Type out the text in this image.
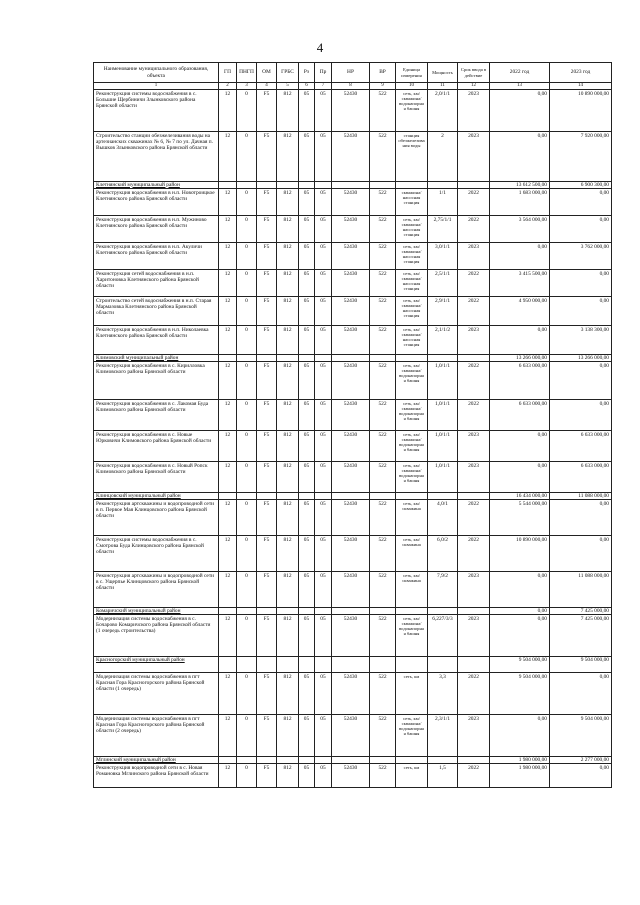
4
Наименование муниципального образования, объекта	ГП	ПНГП	ОМ	ГРБС	Рз	Пр	НР	ВР	Единица измерения	Мощность	Срок ввода в действие	2022 год	2023 год
1	2	3	4	5	6	7	8	9	10	11	12	13	14
Реконструкция системы водоснабжения в с. Большие Щербиничи Злынковского района Брянской области	12	0	F5	812	05	05	52430	522	сеть, км/скважина/водонапорная башня	2,0/1/1	2023	0,00	10 890 000,00
Строительство станции обезжелезивания воды на артезианских скважинах № 6, № 7 по ул. Дачная п. Вышков Злынковского района Брянской области	12	0	F5	812	05	05	52430	522	станция обезжелезивания воды	2	2023	0,00	7 920 000,00
Клетнянский муниципальный район												13 612 500,00	6 900 300,00
Реконструкция водоснабжения в н.п. Новотроицкое Клетнянского района Брянской области	12	0	F5	812	05	05	52430	522	скважина/насосная станция	1/1	2022	1 683 000,00	0,00
Реконструкция водоснабжения в н.п. Мужиново Клетнянского района Брянской области	12	0	F5	812	05	05	52430	522	сеть, км/скважина/насосная станция	2,75/1/1	2022	3 564 000,00	0,00
Реконструкция водоснабжения в н.п. Акуличи Клетнянского района Брянской области	12	0	F5	812	05	05	52430	522	сеть, км/скважина/насосная станция	3,0/1/1	2023	0,00	3 762 000,00
Реконструкция сетей водоснабжения в н.п. Харитоновка Клетнянского района Брянской области	12	0	F5	812	05	05	52430	522	сеть, км/скважина/насосная станция	2,5/1/1	2022	3 415 500,00	0,00
Строительство сетей водоснабжения в н.п. Старая Мармазовка Клетнянского района Брянской области	12	0	F5	812	05	05	52430	522	сеть, км/скважина/насосная станция	2,9/1/1	2022	4 950 000,00	0,00
Реконструкция водоснабжения в н.п. Николаевка Клетнянского района Брянской области	12	0	F5	812	05	05	52430	522	сеть, км/скважина/насосная станция	2,1/1/2	2023	0,00	3 138 300,00
Климовский муниципальный район												13 266 000,00	13 266 000,00
Реконструкция водоснабжения в с. Кирилловка Климовского района Брянской области	12	0	F5	812	05	05	52430	522	сеть, км/скважина/водонапорная башня	1,0/1/1	2022	6 633 000,00	0,00
Реконструкция водоснабжения в с. Лакомая Буда Климовского района Брянской области	12	0	F5	812	05	05	52430	522	сеть, км/скважина/водонапорная башня	1,0/1/1	2022	6 633 000,00	0,00
Реконструкция водоснабжения в с. Новые Юрковичи Климовского района Брянской области	12	0	F5	812	05	05	52430	522	сеть, км/скважина/водонапорная башня	1,0/1/1	2023	0,00	6 633 000,00
Реконструкция водоснабжения в с. Новый Ропск Климовского района Брянской области	12	0	F5	812	05	05	52430	522	сеть, км/скважина/водонапорная башня	1,0/1/1	2023	0,00	6 633 000,00
Клинцовский муниципальный район												16 434 000,00	11 088 000,00
Реконструкция артскважины и водопроводной сети в п. Первое Мая Клинцовского района Брянской области	12	0	F5	812	05	05	52430	522	сеть, км/скважина	4,0/1	2022	5 544 000,00	0,00
Реконструкция системы водоснабжения в с. Смотрова Буда Клинцовского района Брянской области	12	0	F5	812	05	05	52430	522	сеть, км/скважина	6,0/2	2022	10 890 000,00	0,00
Реконструкция артскважины и водопроводной сети в с. Ущерпье Клинцовского района Брянской области	12	0	F5	812	05	05	52430	522	сеть, км/скважина	7,9/2	2023	0,00	11 088 000,00
Комаричский муниципальный район												0,00	7 425 000,00
Модернизация системы водоснабжения в с. Бочарово Комаричского района Брянской области (1 очередь строительства)	12	0	F5	812	05	05	52430	522	сеть, км/скважина/водонапорная башня	6,227/3/3	2023	0,00	7 425 000,00
Красногорский муниципальный район												9 504 000,00	9 504 000,00
Модернизация системы водоснабжения в пгт Красная Гора Красногорского района Брянской области (1 очередь)	12	0	F5	812	05	05	52430	522	сеть, км	3,3	2022	9 504 000,00	0,00
Модернизация системы водоснабжения в пгт Красная Гора Красногорского района Брянской области (2 очередь)	12	0	F5	812	05	05	52430	522	сеть, км/скважина/водонапорная башня	2,3/1/1	2023	0,00	9 504 000,00
Мглинский муниципальный район												1 980 000,00	2 277 000,00
Реконструкция водопроводной сети в с. Новая Романовка Мглинского района Брянской области	12	0	F5	812	05	05	52430	522	сеть, км	1,5	2022	1 980 000,00	0,00
